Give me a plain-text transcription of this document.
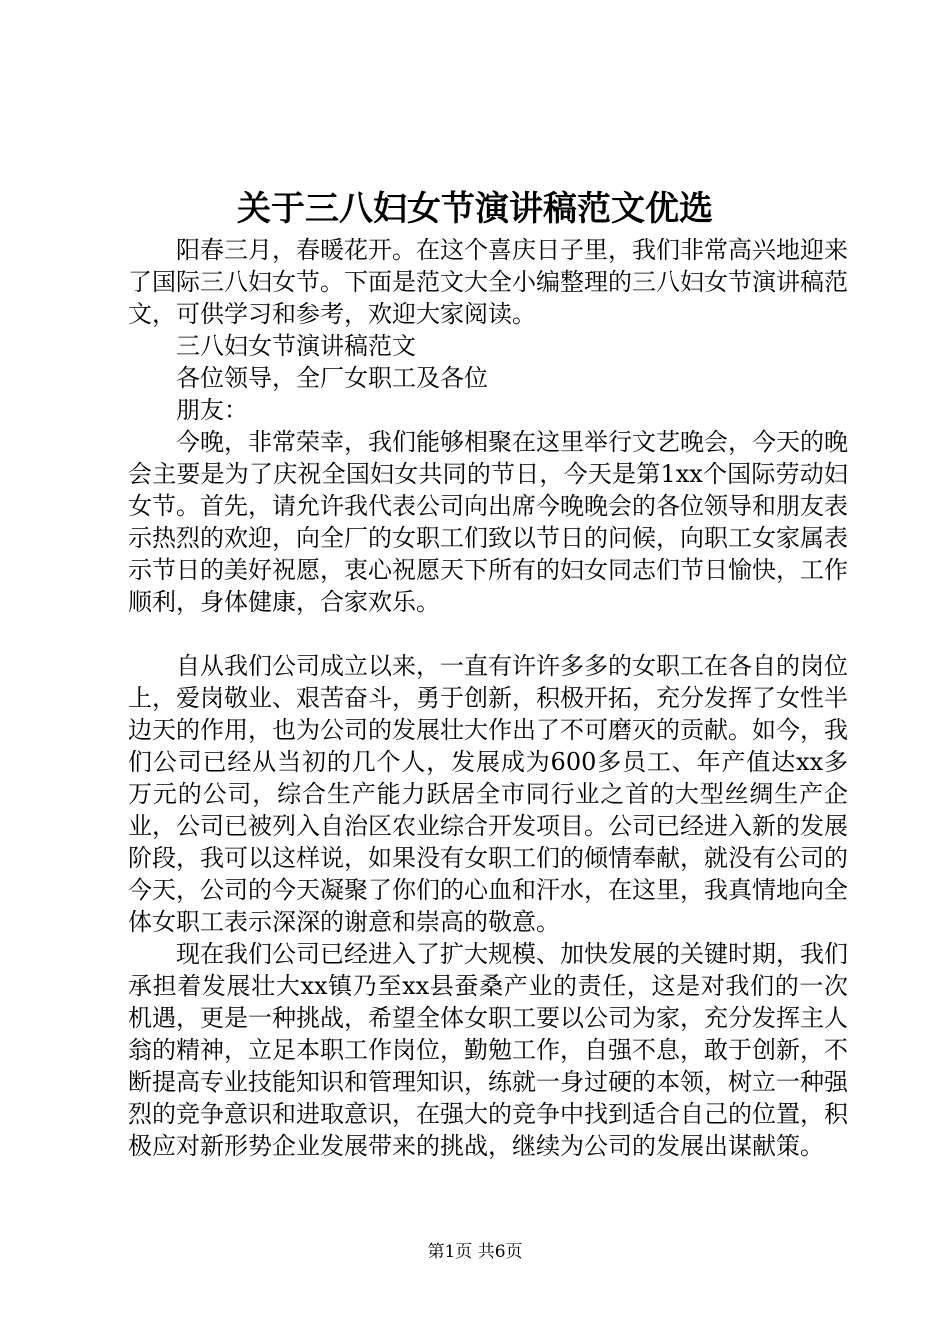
关于三八妇女节演讲稿范文优选

阳春三月，春暖花开。在这个喜庆日子里，我们非常高兴地迎来了国际三八妇女节。下面是范文大全小编整理的三八妇女节演讲稿范文，可供学习和参考，欢迎大家阅读。

三八妇女节演讲稿范文

各位领导，全厂女职工及各位

朋友：

今晚，非常荣幸，我们能够相聚在这里举行文艺晚会，今天的晚会主要是为了庆祝全国妇女共同的节日，今天是第1xx个国际劳动妇女节。首先，请允许我代表公司向出席今晚晚会的各位领导和朋友表示热烈的欢迎，向全厂的女职工们致以节日的问候，向职工女家属表示节日的美好祝愿，衷心祝愿天下所有的妇女同志们节日愉快，工作顺利，身体健康，合家欢乐。

自从我们公司成立以来，一直有许许多多的女职工在各自的岗位上，爱岗敬业、艰苦奋斗，勇于创新，积极开拓，充分发挥了女性半边天的作用，也为公司的发展壮大作出了不可磨灭的贡献。如今，我们公司已经从当初的几个人，发展成为600多员工、年产值达xx多万元的公司，综合生产能力跃居全市同行业之首的大型丝绸生产企业，公司已被列入自治区农业综合开发项目。公司已经进入新的发展阶段，我可以这样说，如果没有女职工们的倾情奉献，就没有公司的今天，公司的今天凝聚了你们的心血和汗水，在这里，我真情地向全体女职工表示深深的谢意和崇高的敬意。

现在我们公司已经进入了扩大规模、加快发展的关键时期，我们承担着发展壮大xx镇乃至xx县蚕桑产业的责任，这是对我们的一次机遇，更是一种挑战，希望全体女职工要以公司为家，充分发挥主人翁的精神，立足本职工作岗位，勤勉工作，自强不息，敢于创新，不断提高专业技能知识和管理知识，练就一身过硬的本领，树立一种强烈的竞争意识和进取意识，在强大的竞争中找到适合自己的位置，积极应对新形势企业发展带来的挑战，继续为公司的发展出谋献策。

第1页 共6页
